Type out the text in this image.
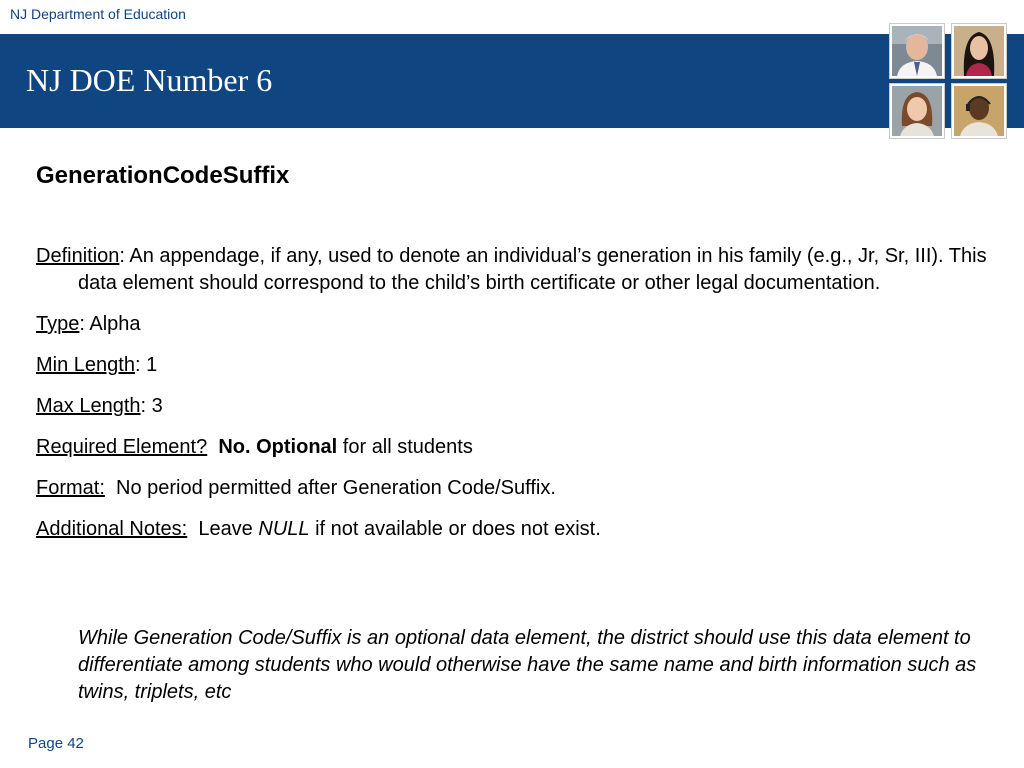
NJ Department of Education
NJ DOE Number 6
GenerationCodeSuffix

Definition: An appendage, if any, used to denote an individual’s generation in his family (e.g., Jr, Sr, III). This data element should correspond to the child’s birth certificate or other legal documentation.

Type: Alpha

Min Length: 1

Max Length: 3

Required Element? No. Optional for all students

Format:  No period permitted after Generation Code/Suffix.

Additional Notes:  Leave NULL if not available or does not exist.

While Generation Code/Suffix is an optional data element, the district should use this data element to differentiate among students who would otherwise have the same name and birth information such as twins, triplets, etc
Page 42
